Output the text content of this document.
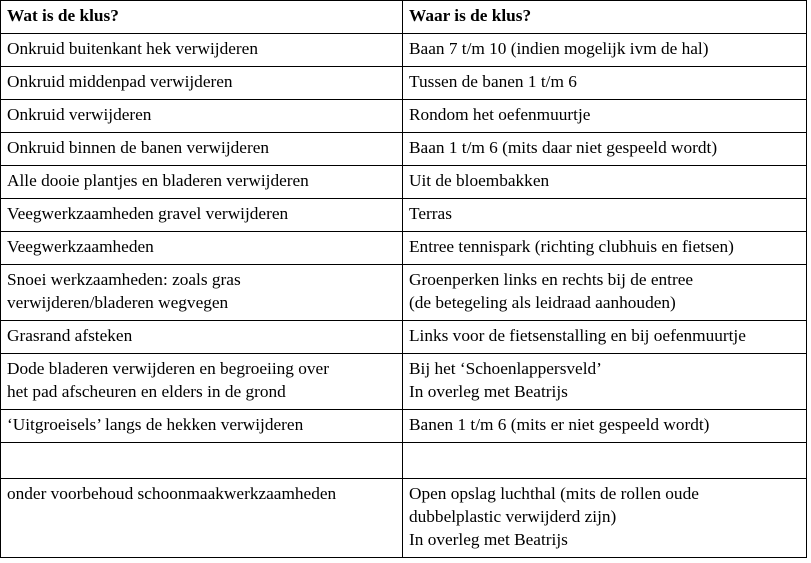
Wat is de klus?	Waar is de klus?

Onkruid buitenkant hek verwijderen	Baan 7 t/m 10 (indien mogelijk ivm de hal)

Onkruid middenpad verwijderen	Tussen de banen 1 t/m 6

Onkruid verwijderen	Rondom het oefenmuurtje

Onkruid binnen de banen verwijderen	Baan 1 t/m 6 (mits daar niet gespeeld wordt)

Alle dooie plantjes en bladeren verwijderen	Uit de bloembakken

Veegwerkzaamheden gravel verwijderen	Terras

Veegwerkzaamheden	Entree tennispark (richting clubhuis en fietsen)

Snoei werkzaamheden: zoals gras
verwijderen/bladeren wegvegen	Groenperken links en rechts bij de entree
(de betegeling als leidraad aanhouden)

Grasrand afsteken	Links voor de fietsenstalling en bij oefenmuurtje

Dode bladeren verwijderen en begroeiing over
het pad afscheuren en elders in de grond	Bij het ‘Schoenlappersveld’
In overleg met Beatrijs

‘Uitgroeisels’ langs de hekken verwijderen	Banen 1 t/m 6 (mits er niet gespeeld wordt)

onder voorbehoud schoonmaakwerkzaamheden	Open opslag luchthal (mits de rollen oude
dubbelplastic verwijderd zijn)
In overleg met Beatrijs
